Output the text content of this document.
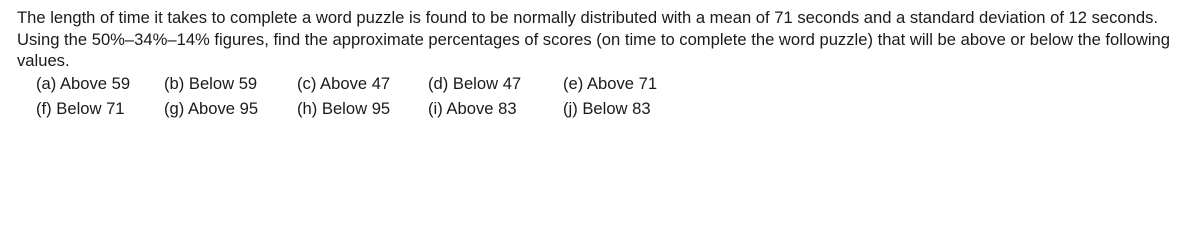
The length of time it takes to complete a word puzzle is found to be normally distributed with a mean of 71 seconds and a standard deviation of 12 seconds.
Using the 50%–34%–14% figures, find the approximate percentages of scores (on time to complete the word puzzle) that will be above or below the following
values.

(a) Above 59 (b) Below 59 (c) Above 47 (d) Below 47	(e) Above 71
(f) Below 71 (g) Above 95 (h) Below 95 (i) Above 83	(j) Below 83
